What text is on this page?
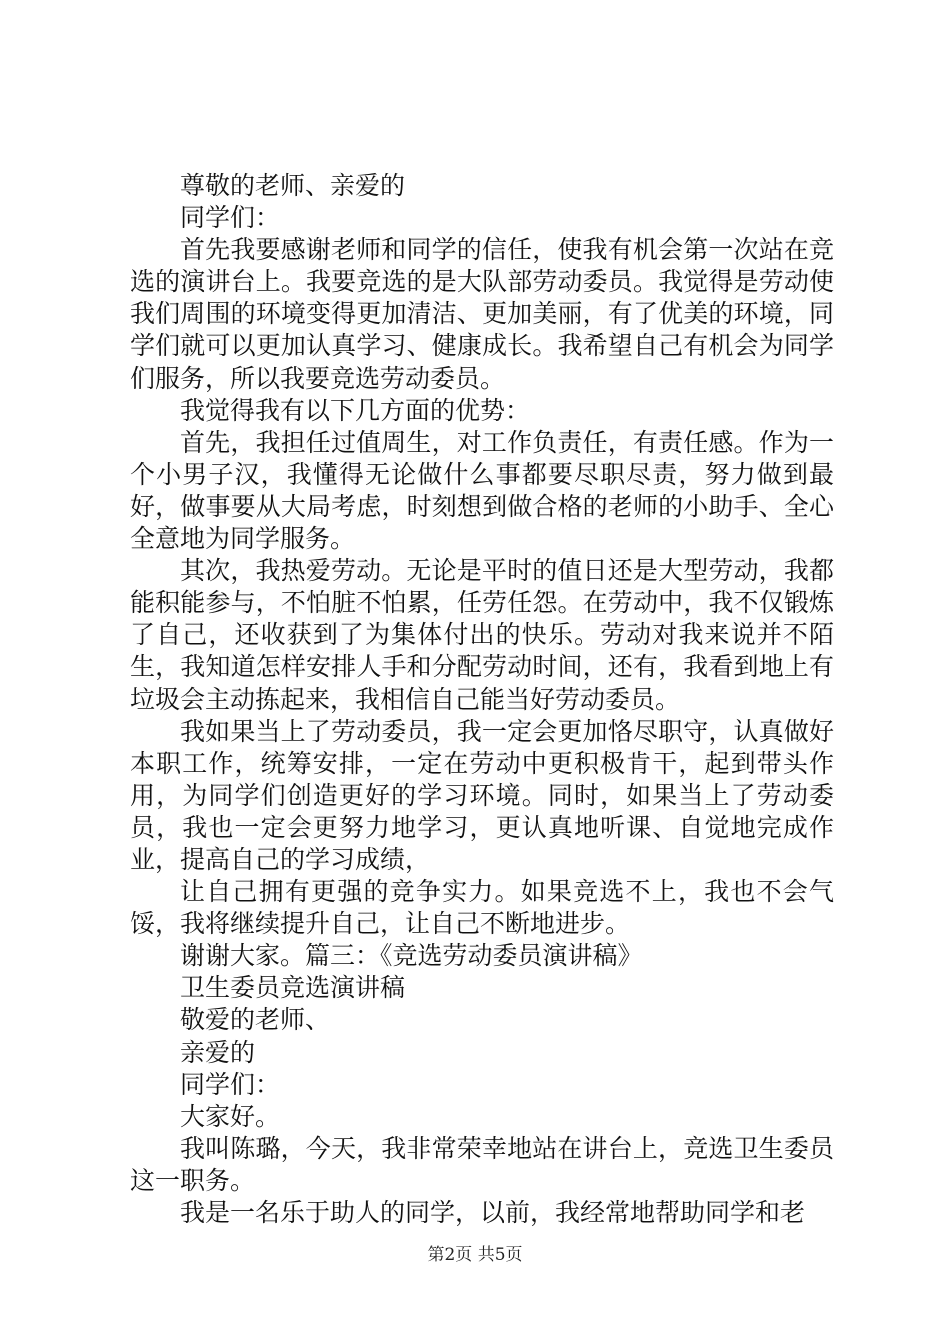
尊敬的老师、亲爱的

同学们：

首先我要感谢老师和同学的信任，使我有机会第一次站在竞选的演讲台上。我要竞选的是大队部劳动委员。我觉得是劳动使我们周围的环境变得更加清洁、更加美丽，有了优美的环境，同学们就可以更加认真学习、健康成长。我希望自己有机会为同学们服务，所以我要竞选劳动委员。

我觉得我有以下几方面的优势：

首先，我担任过值周生，对工作负责任，有责任感。作为一个小男子汉，我懂得无论做什么事都要尽职尽责，努力做到最好，做事要从大局考虑，时刻想到做合格的老师的小助手、全心全意地为同学服务。

其次，我热爱劳动。无论是平时的值日还是大型劳动，我都能积能参与，不怕脏不怕累，任劳任怨。在劳动中，我不仅锻炼了自己，还收获到了为集体付出的快乐。劳动对我来说并不陌生，我知道怎样安排人手和分配劳动时间，还有，我看到地上有垃圾会主动拣起来，我相信自己能当好劳动委员。

我如果当上了劳动委员，我一定会更加恪尽职守，认真做好本职工作，统筹安排，一定在劳动中更积极肯干，起到带头作用，为同学们创造更好的学习环境。同时，如果当上了劳动委员，我也一定会更努力地学习，更认真地听课、自觉地完成作业，提高自己的学习成绩，

让自己拥有更强的竞争实力。如果竞选不上，我也不会气馁，我将继续提升自己，让自己不断地进步。

谢谢大家。篇三：《竞选劳动委员演讲稿》

卫生委员竞选演讲稿

敬爱的老师、

亲爱的

同学们：

大家好。

我叫陈璐，今天，我非常荣幸地站在讲台上，竞选卫生委员这一职务。

我是一名乐于助人的同学，以前，我经常地帮助同学和老

第2页 共5页
